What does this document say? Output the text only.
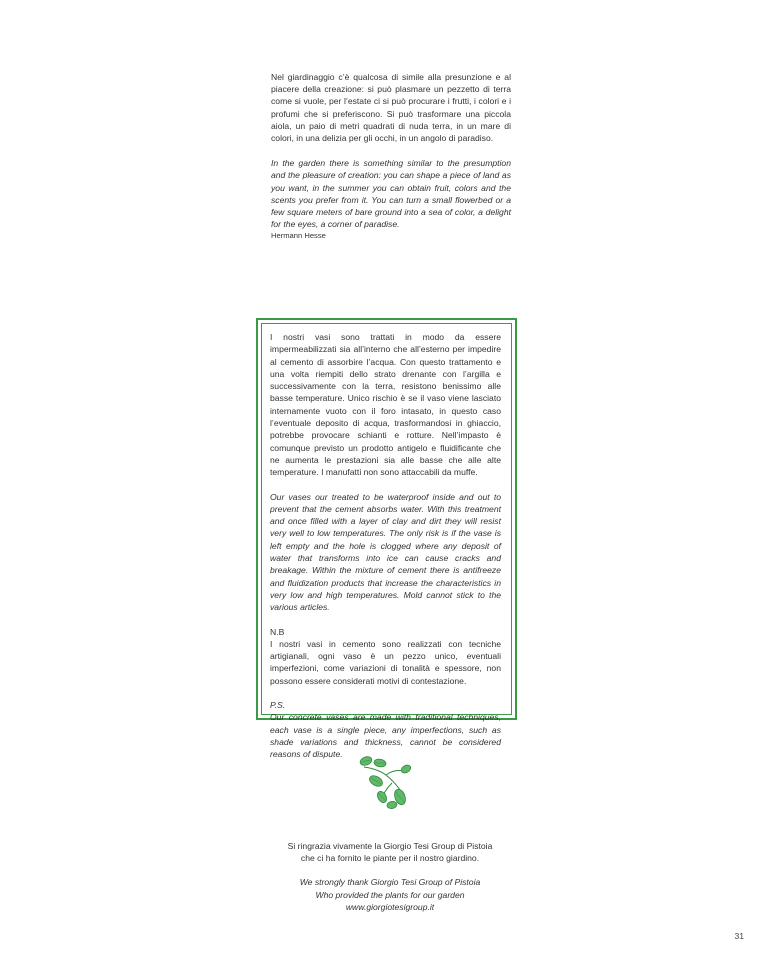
Nel giardinaggio c’è qualcosa di simile alla presunzione e al piacere della creazione: si può plasmare un pezzetto di terra come si vuole, per l’estate ci si può procurare i frutti, i colori e i profumi che si preferiscono. Si può trasformare una piccola aiola, un paio di metri quadrati di nuda terra, in un mare di colori, in una delizia per gli occhi, in un angolo di paradiso.

In the garden there is something similar to the presumption and the pleasure of creation: you can shape a piece of land as you want, in the summer you can obtain fruit, colors and the scents you prefer from it. You can turn a small flowerbed or a few square meters of bare ground into a sea of color, a delight for the eyes, a corner of paradise.

Hermann Hesse

I nostri vasi sono trattati in modo da essere impermeabilizzati sia all’interno che all’esterno per impedire al cemento di assorbire l’acqua. Con questo trattamento e una volta riempiti dello strato drenante con l’argilla e successivamente con la terra, resistono benissimo alle basse temperature. Unico rischio è se il vaso viene lasciato internamente vuoto con il foro intasato, in questo caso l’eventuale deposito di acqua, trasformandosi in ghiaccio, potrebbe provocare schianti e rotture. Nell’impasto è comunque previsto un prodotto antigelo e fluidificante che ne aumenta le prestazioni sia alle basse che alle alte temperature. I manufatti non sono attaccabili da muffe.

Our vases our treated to be waterproof inside and out to prevent that the cement absorbs water. With this treatment and once filled with a layer of clay and dirt they will resist very well to low temperatures. The only risk is if the vase is left empty and the hole is clogged where any deposit of water that transforms into ice can cause cracks and breakage. Within the mixture of cement there is antifreeze and fluidization products that increase the characteristics in very low and high temperatures. Mold cannot stick to the various articles.

N.B

I nostri vasi in cemento sono realizzati con tecniche artigianali, ogni vaso è un pezzo unico, eventuali imperfezioni, come variazioni di tonalità e spessore, non possono essere considerati motivi di contestazione.

P.S.

Our concrete vases are made with traditional techniques, each vase is a single piece, any imperfections, such as shade variations and thickness, cannot be considered reasons of dispute.

Si ringrazia vivamente la Giorgio Tesi Group di Pistoia

che ci ha fornito le piante per il nostro giardino.

We strongly thank Giorgio Tesi Group of Pistoia

Who provided the plants for our garden

www.giorgiotesigroup.it

31
